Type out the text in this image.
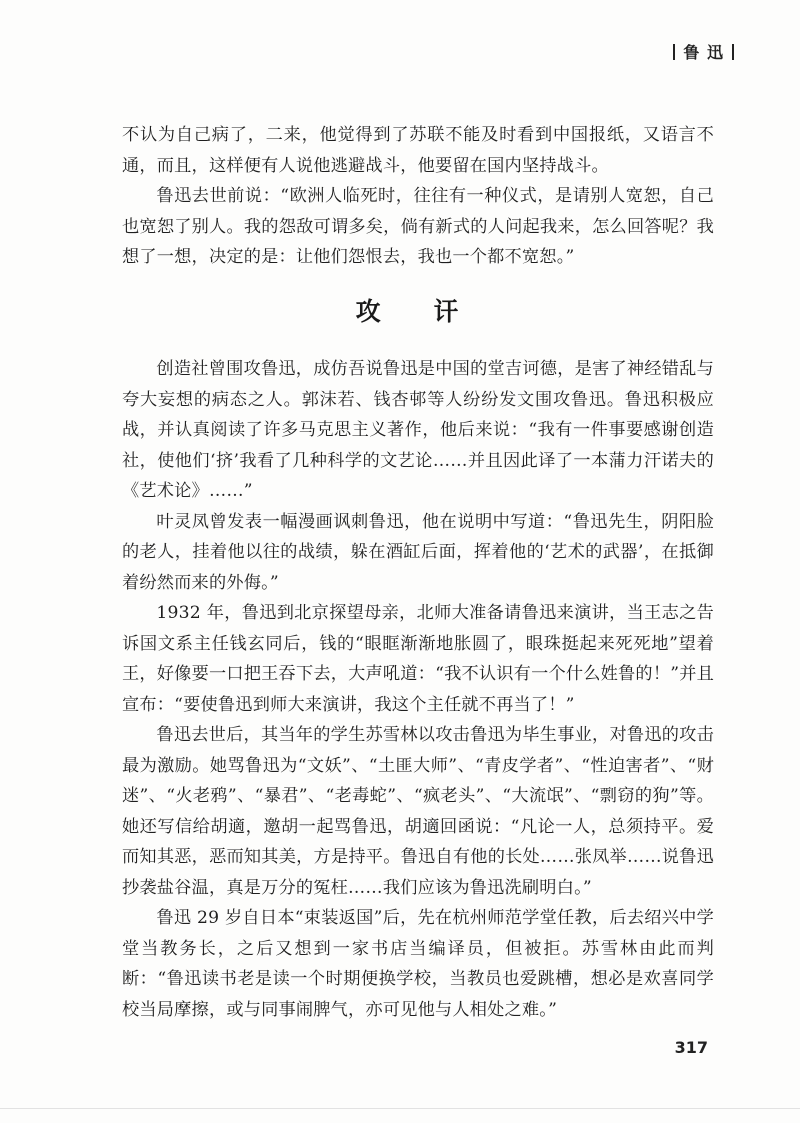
鲁 迅

不认为自己病了，二来，他觉得到了苏联不能及时看到中国报纸，又语言不通，而且，这样便有人说他逃避战斗，他要留在国内坚持战斗。

鲁迅去世前说：“欧洲人临死时，往往有一种仪式，是请别人宽恕，自己也宽恕了别人。我的怨敌可谓多矣，倘有新式的人问起我来，怎么回答呢？我想了一想，决定的是：让他们怨恨去，我也一个都不宽恕。”

攻 讦

创造社曾围攻鲁迅，成仿吾说鲁迅是中国的堂吉诃德，是害了神经错乱与夸大妄想的病态之人。郭沫若、钱杏邨等人纷纷发文围攻鲁迅。鲁迅积极应战，并认真阅读了许多马克思主义著作，他后来说：“我有一件事要感谢创造社，使他们‘挤’我看了几种科学的文艺论……并且因此译了一本蒲力汗诺夫的《艺术论》……”

叶灵凤曾发表一幅漫画讽刺鲁迅，他在说明中写道：“鲁迅先生，阴阳脸的老人，挂着他以往的战绩，躲在酒缸后面，挥着他的‘艺术的武器’，在抵御着纷然而来的外侮。”

1932 年，鲁迅到北京探望母亲，北师大准备请鲁迅来演讲，当王志之告诉国文系主任钱玄同后，钱的“眼眶渐渐地胀圆了，眼珠挺起来死死地”望着王，好像要一口把王吞下去，大声吼道：“我不认识有一个什么姓鲁的！”并且宣布：“要使鲁迅到师大来演讲，我这个主任就不再当了！”

鲁迅去世后，其当年的学生苏雪林以攻击鲁迅为毕生事业，对鲁迅的攻击最为激励。她骂鲁迅为“文妖”、“土匪大师”、“青皮学者”、“性迫害者”、“财迷”、“火老鸦”、“暴君”、“老毒蛇”、“疯老头”、“大流氓”、“剽窃的狗”等。她还写信给胡適，邀胡一起骂鲁迅，胡適回函说：“凡论一人，总须持平。爱而知其恶，恶而知其美，方是持平。鲁迅自有他的长处……张凤举……说鲁迅抄袭盐谷温，真是万分的冤枉……我们应该为鲁迅洗刷明白。”

鲁迅 29 岁自日本“束装返国”后，先在杭州师范学堂任教，后去绍兴中学堂当教务长，之后又想到一家书店当编译员，但被拒。苏雪林由此而判断：“鲁迅读书老是读一个时期便换学校，当教员也爱跳槽，想必是欢喜同学校当局摩擦，或与同事闹脾气，亦可见他与人相处之难。”

317
